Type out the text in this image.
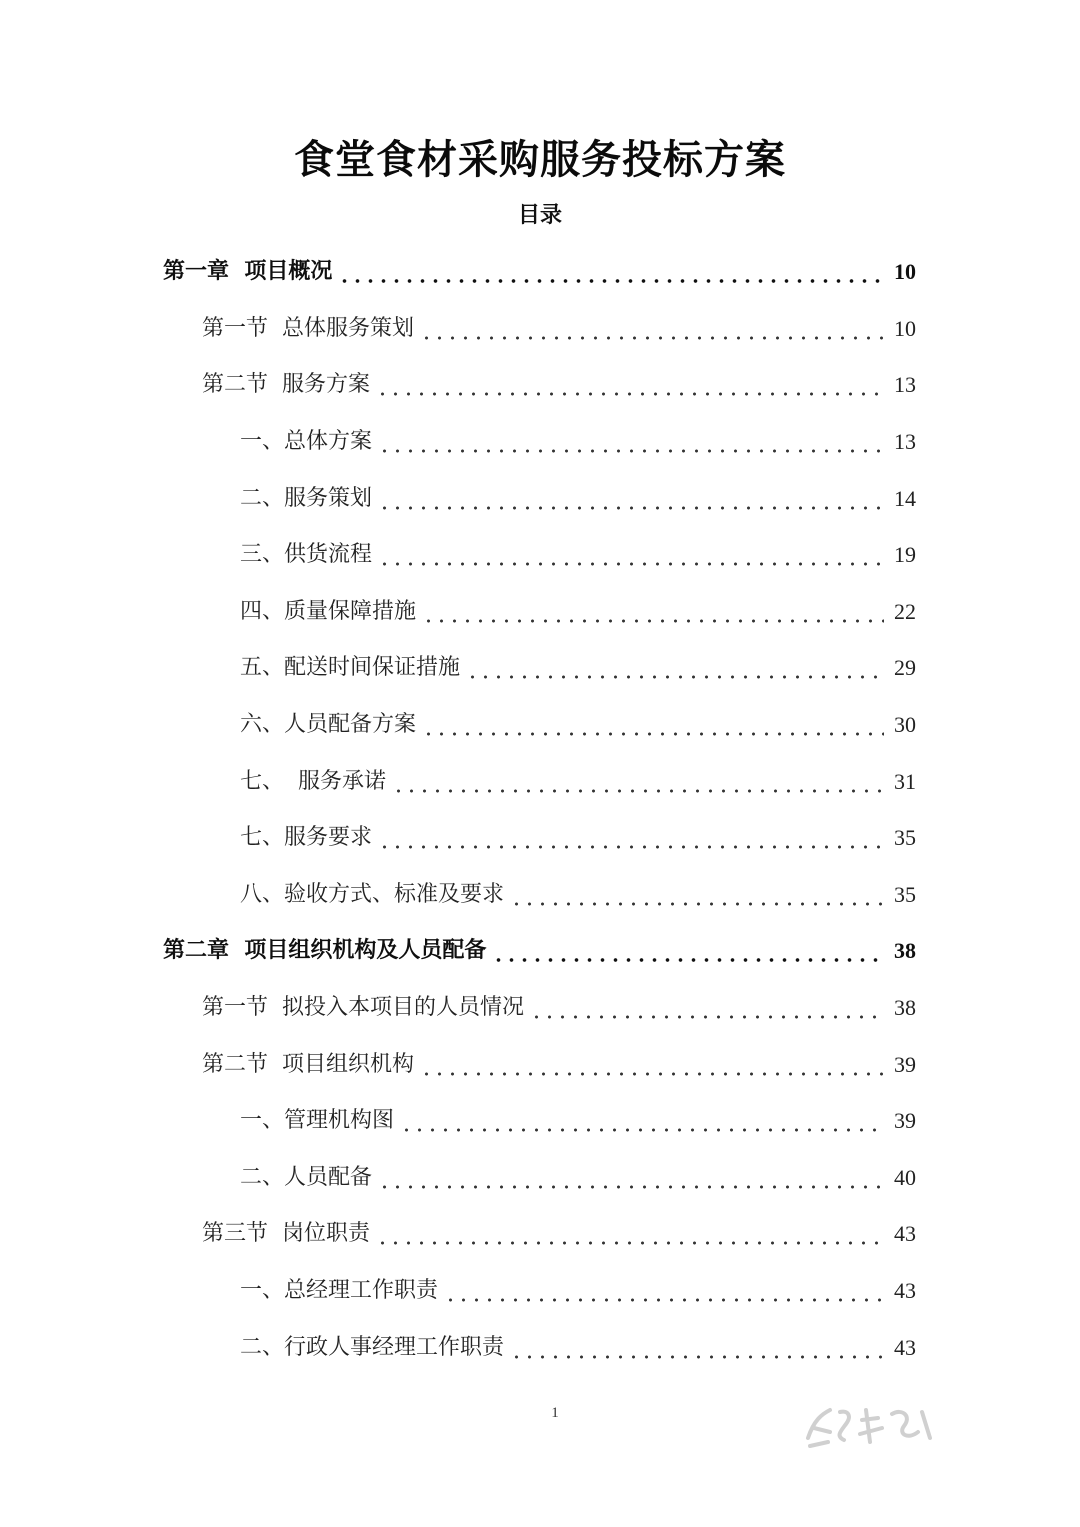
食堂食材采购服务投标方案
目录
第一章  项目概况	10
第一节  总体服务策划	10
第二节  服务方案	13
一、总体方案	13
二、服务策划	14
三、供货流程	19
四、质量保障措施	22
五、配送时间保证措施	29
六、人员配备方案	30
七、  服务承诺	31
七、服务要求	35
八、验收方式、标准及要求	35
第二章  项目组织机构及人员配备	38
第一节  拟投入本项目的人员情况	38
第二节  项目组织机构	39
一、管理机构图	39
二、人员配备	40
第三节  岗位职责	43
一、总经理工作职责	43
二、行政人事经理工作职责	43
1
